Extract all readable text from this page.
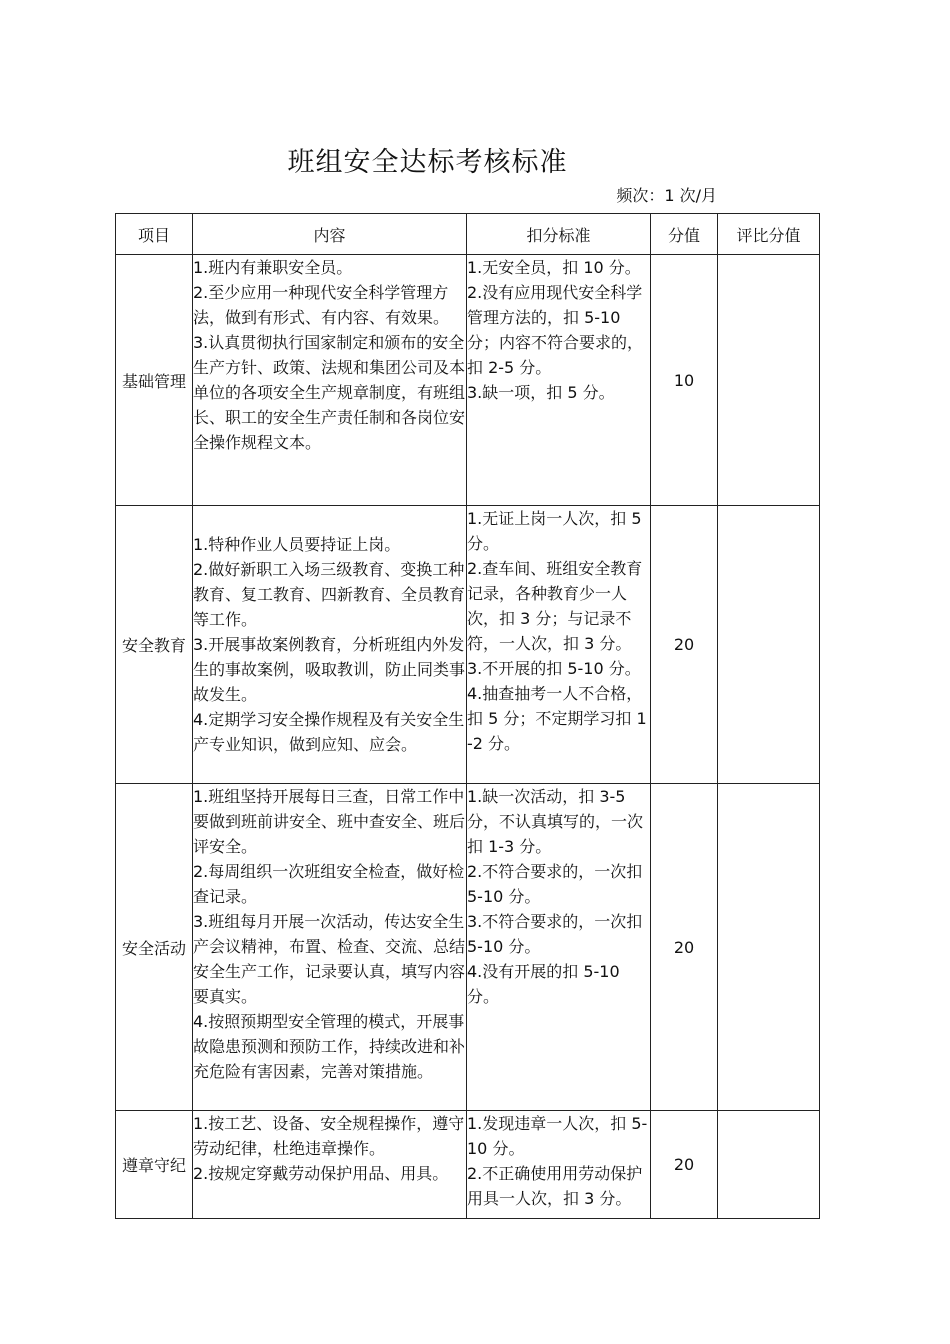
班组安全达标考核标准
频次：1 次/月
项目	内容	扣分标准	分值	评比分值
基础管理	1.班内有兼职安全员。
2.至少应用一种现代安全科学管理方法，做到有形式、有内容、有效果。
3.认真贯彻执行国家制定和颁布的安全生产方针、政策、法规和集团公司及本单位的各项安全生产规章制度，有班组长、职工的安全生产责任制和各岗位安全操作规程文本。	1.无安全员，扣 10 分。
2.没有应用现代安全科学管理方法的，扣 5-10 分；内容不符合要求的，扣 2-5 分。
3.缺一项，扣 5 分。	10	
安全教育	1.特种作业人员要持证上岗。
2.做好新职工入场三级教育、变换工种教育、复工教育、四新教育、全员教育等工作。
3.开展事故案例教育，分析班组内外发生的事故案例，吸取教训，防止同类事故发生。
4.定期学习安全操作规程及有关安全生产专业知识，做到应知、应会。	1.无证上岗一人次，扣 5 分。
2.查车间、班组安全教育记录，各种教育少一人次，扣 3 分；与记录不符，一人次，扣 3 分。
3.不开展的扣 5-10 分。
4.抽查抽考一人不合格，扣 5 分；不定期学习扣 1-2 分。	20	
安全活动	1.班组坚持开展每日三查，日常工作中要做到班前讲安全、班中查安全、班后评安全。
2.每周组织一次班组安全检查，做好检查记录。
3.班组每月开展一次活动，传达安全生产会议精神，布置、检查、交流、总结安全生产工作，记录要认真，填写内容要真实。
4.按照预期型安全管理的模式，开展事故隐患预测和预防工作，持续改进和补充危险有害因素，完善对策措施。	1.缺一次活动，扣 3-5 分，不认真填写的，一次扣 1-3 分。
2.不符合要求的，一次扣 5-10 分。
3.不符合要求的，一次扣 5-10 分。
4.没有开展的扣 5-10 分。	20	
遵章守纪	1.按工艺、设备、安全规程操作，遵守劳动纪律，杜绝违章操作。
2.按规定穿戴劳动保护用品、用具。	1.发现违章一人次，扣 5-10 分。
2.不正确使用用劳动保护用具一人次，扣 3 分。	20	
